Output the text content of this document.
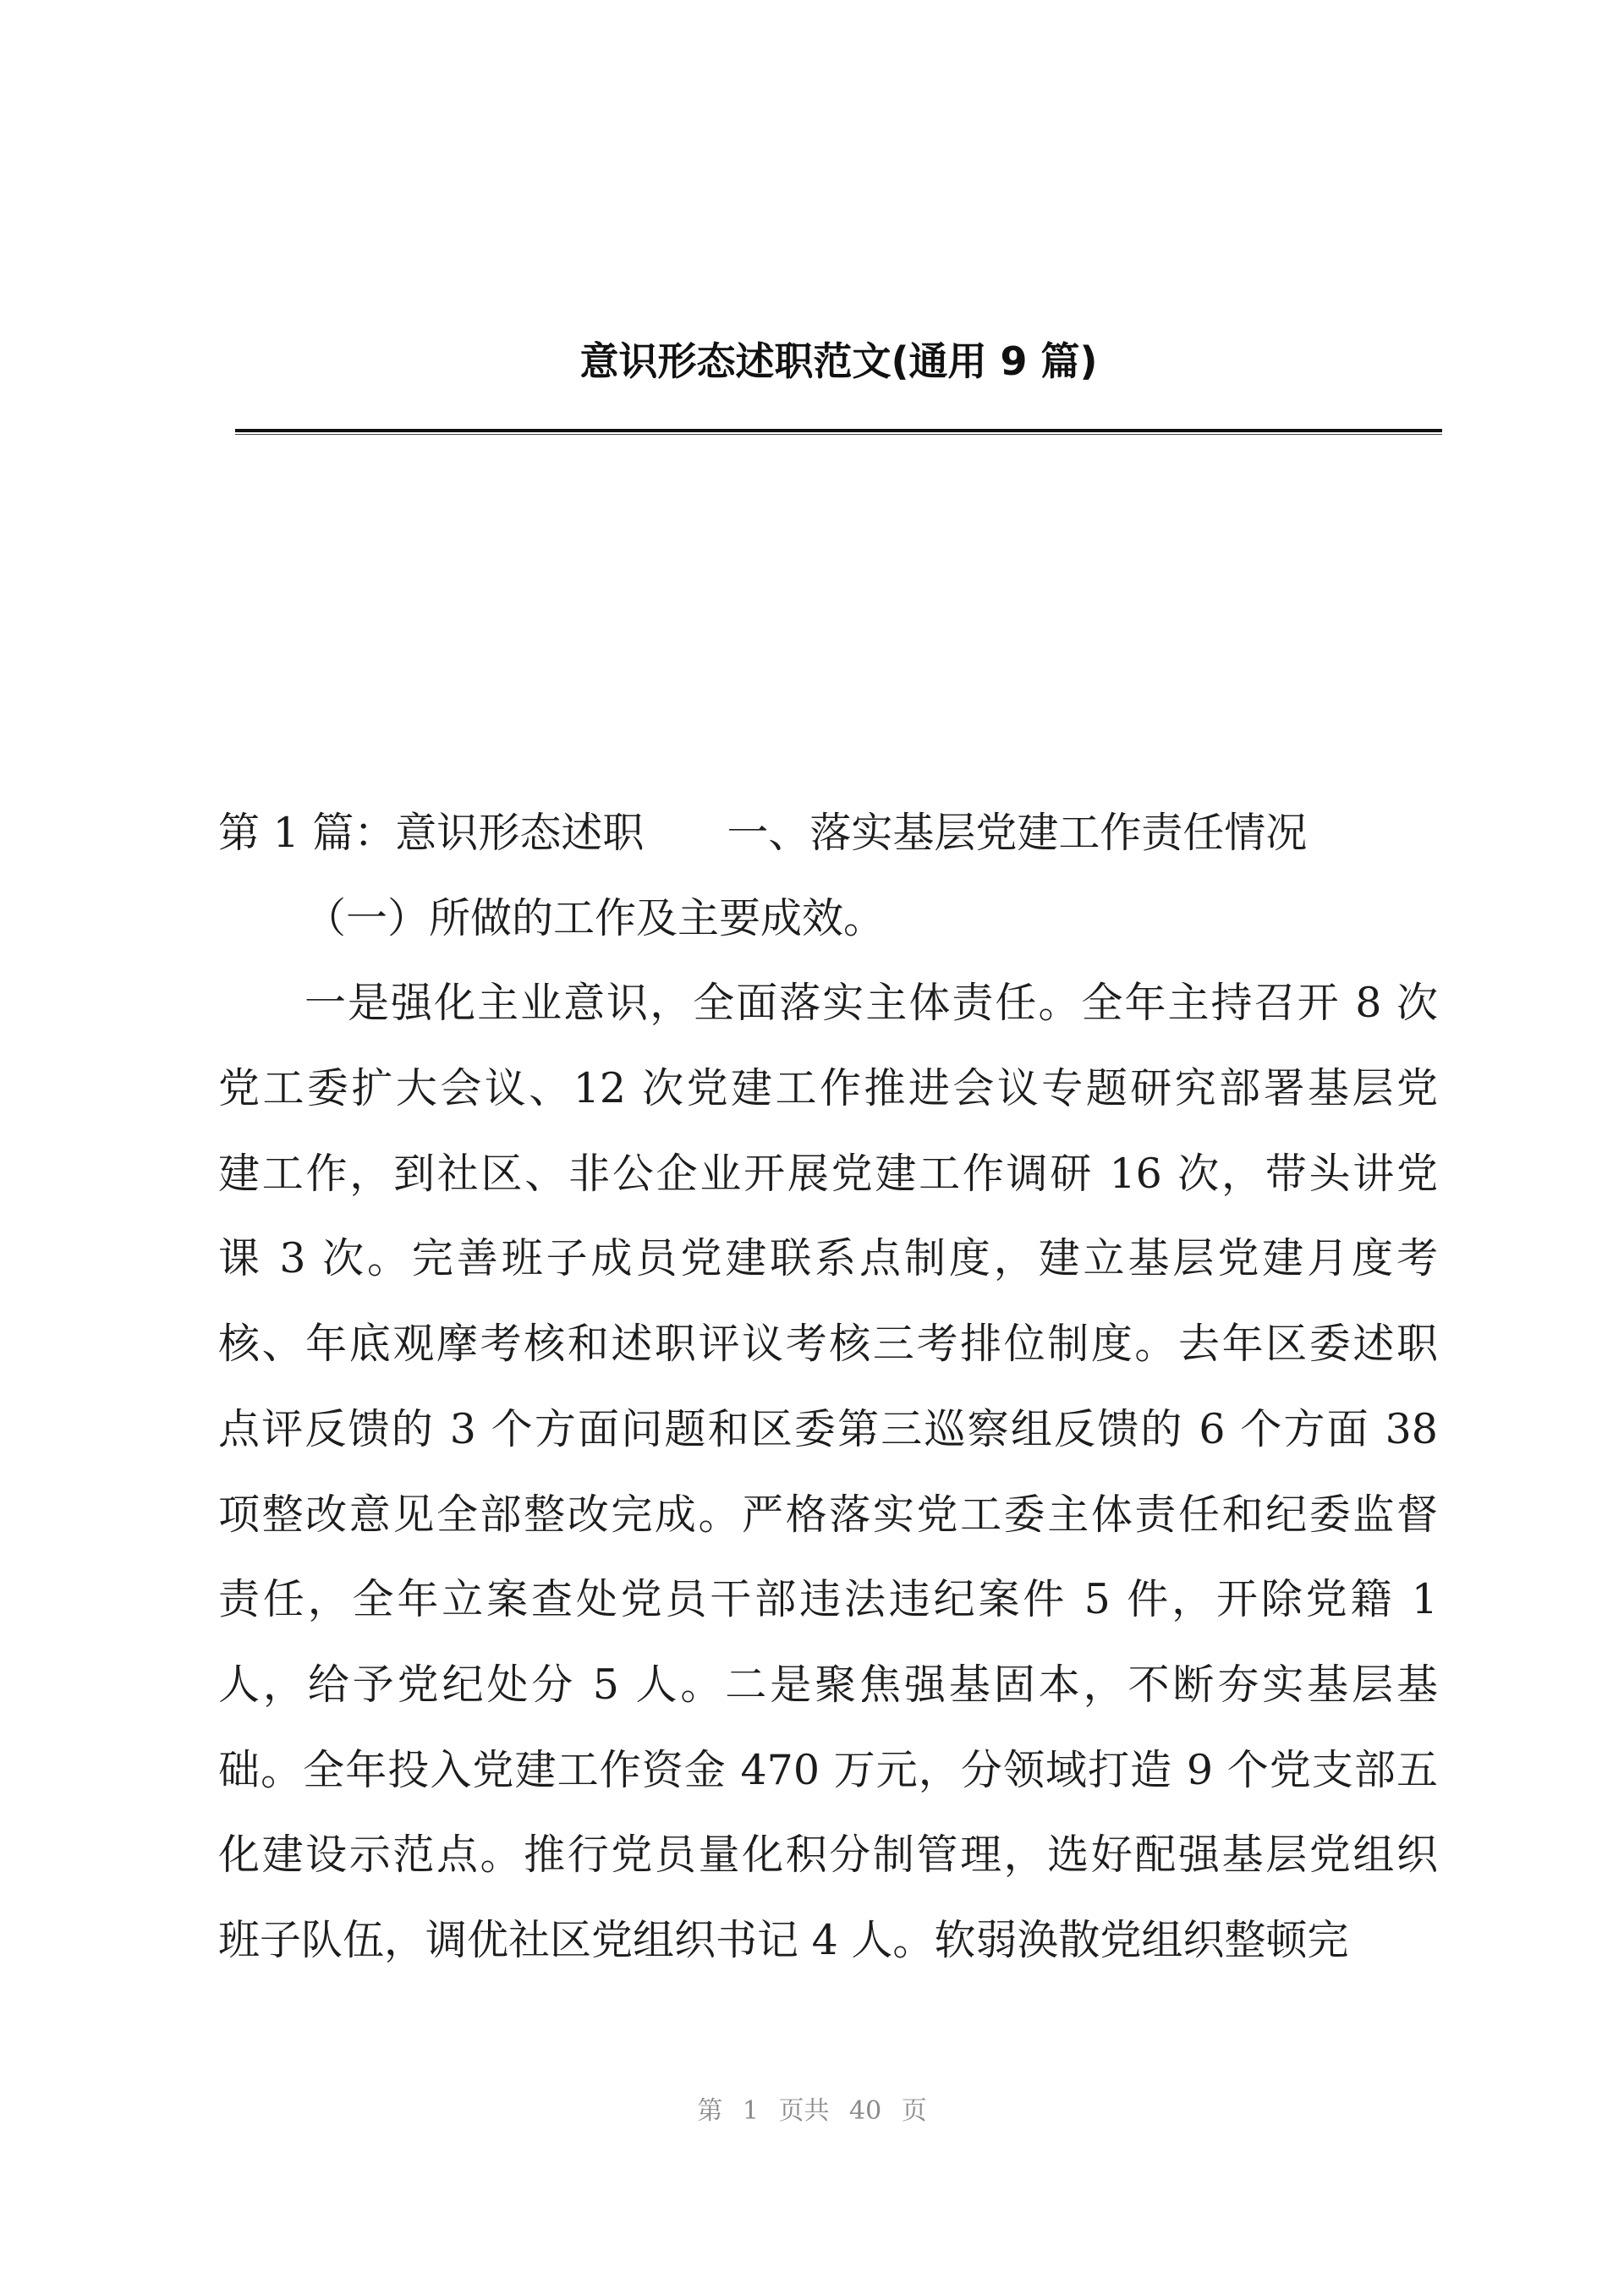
意识形态述职范文(通用 9 篇)
第 1 篇：意识形态述职　　一、落实基层党建工作责任情况
（一）所做的工作及主要成效。
一是强化主业意识，全面落实主体责任。全年主持召开 8 次
党工委扩大会议、12 次党建工作推进会议专题研究部署基层党
建工作，到社区、非公企业开展党建工作调研 16 次，带头讲党
课 3 次。完善班子成员党建联系点制度，建立基层党建月度考
核、年底观摩考核和述职评议考核三考排位制度。去年区委述职
点评反馈的 3 个方面问题和区委第三巡察组反馈的 6 个方面 38
项整改意见全部整改完成。严格落实党工委主体责任和纪委监督
责任，全年立案查处党员干部违法违纪案件 5 件，开除党籍 1
人，给予党纪处分 5 人。二是聚焦强基固本，不断夯实基层基
础。全年投入党建工作资金 470 万元，分领域打造 9 个党支部五
化建设示范点。推行党员量化积分制管理，选好配强基层党组织
班子队伍，调优社区党组织书记 4 人。软弱涣散党组织整顿完
第 1 页共 40 页
